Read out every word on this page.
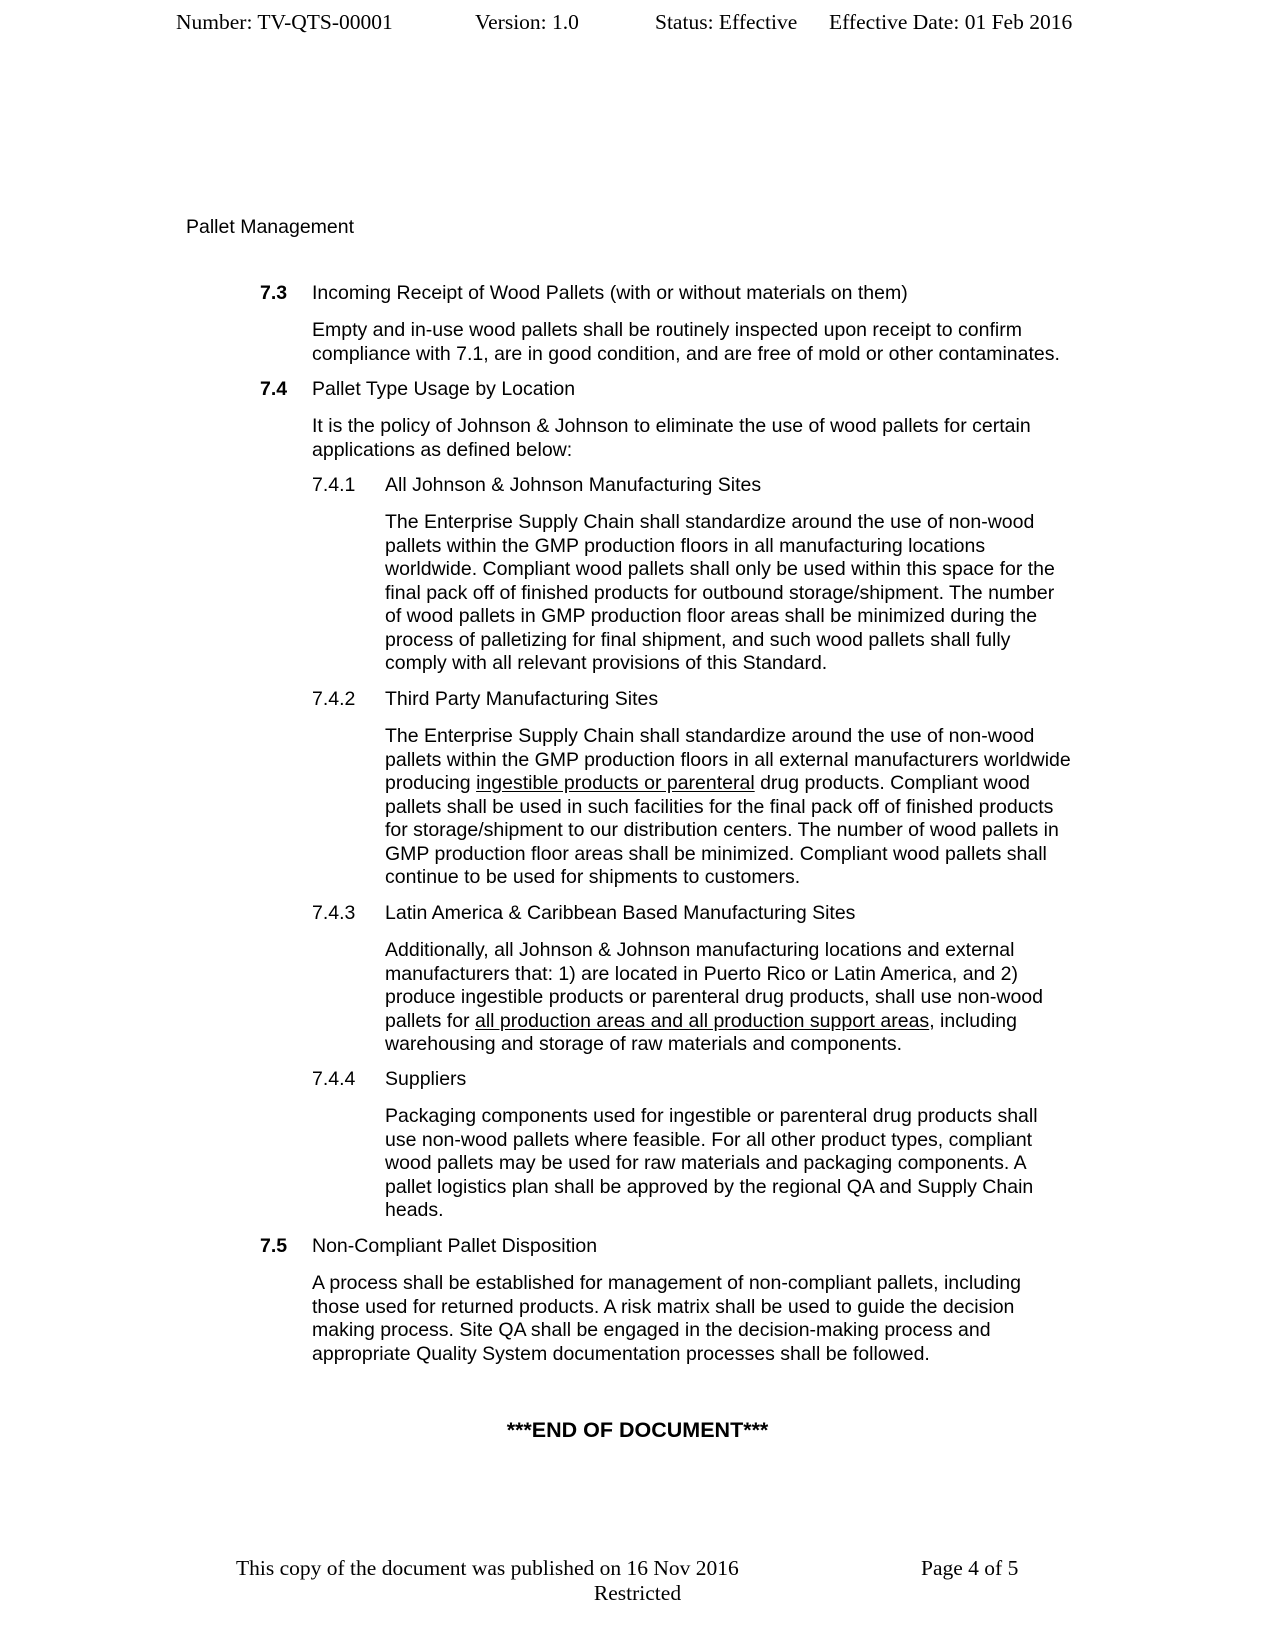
Number: TV-QTS-00001	Version: 1.0	Status: Effective Effective Date: 01 Feb 2016
Pallet Management
7.3 Incoming Receipt of Wood Pallets (with or without materials on them)
Empty and in-use wood pallets shall be routinely inspected upon receipt to confirm
compliance with 7.1, are in good condition, and are free of mold or other contaminates.
7.4 Pallet Type Usage by Location
It is the policy of Johnson & Johnson to eliminate the use of wood pallets for certain
applications as defined below:
7.4.1 All Johnson & Johnson Manufacturing Sites
The Enterprise Supply Chain shall standardize around the use of non-wood
pallets within the GMP production floors in all manufacturing locations
worldwide. Compliant wood pallets shall only be used within this space for the
final pack off of finished products for outbound storage/shipment. The number
of wood pallets in GMP production floor areas shall be minimized during the
process of palletizing for final shipment, and such wood pallets shall fully
comply with all relevant provisions of this Standard.
7.4.2 Third Party Manufacturing Sites
The Enterprise Supply Chain shall standardize around the use of non-wood
pallets within the GMP production floors in all external manufacturers worldwide
producing ingestible products or parenteral drug products. Compliant wood
pallets shall be used in such facilities for the final pack off of finished products
for storage/shipment to our distribution centers. The number of wood pallets in
GMP production floor areas shall be minimized. Compliant wood pallets shall
continue to be used for shipments to customers.
7.4.3 Latin America & Caribbean Based Manufacturing Sites
Additionally, all Johnson & Johnson manufacturing locations and external
manufacturers that: 1) are located in Puerto Rico or Latin America, and 2)
produce ingestible products or parenteral drug products, shall use non-wood
pallets for all production areas and all production support areas, including
warehousing and storage of raw materials and components.
7.4.4 Suppliers
Packaging components used for ingestible or parenteral drug products shall
use non-wood pallets where feasible. For all other product types, compliant
wood pallets may be used for raw materials and packaging components. A
pallet logistics plan shall be approved by the regional QA and Supply Chain
heads.
7.5 Non-Compliant Pallet Disposition
A process shall be established for management of non-compliant pallets, including
those used for returned products. A risk matrix shall be used to guide the decision
making process. Site QA shall be engaged in the decision-making process and
appropriate Quality System documentation processes shall be followed.
***END OF DOCUMENT***
This copy of the document was published on 16 Nov 2016	Page 4 of 5
Restricted
